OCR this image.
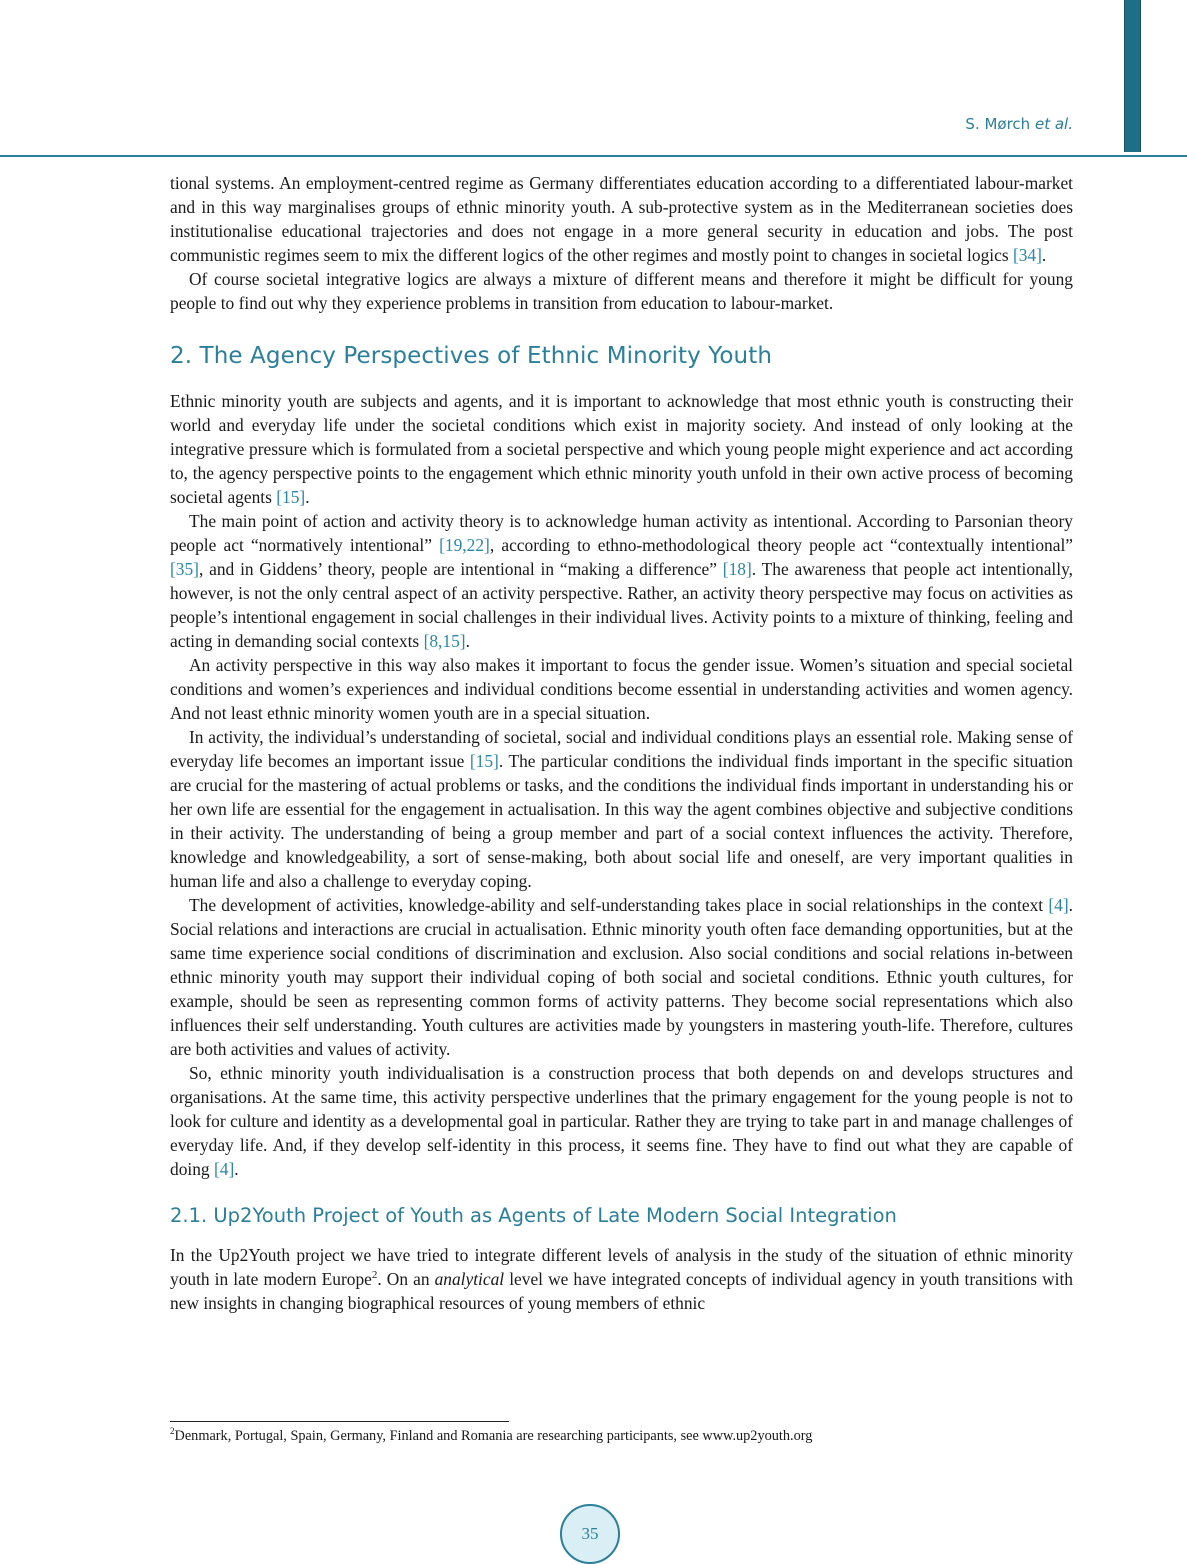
S. Mørch et al.

tional systems. An employment-centred regime as Germany differentiates education according to a differentiated labour-market and in this way marginalises groups of ethnic minority youth. A sub-protective system as in the Mediterranean societies does institutionalise educational trajectories and does not engage in a more general security in education and jobs. The post communistic regimes seem to mix the different logics of the other regimes and mostly point to changes in societal logics [34].

Of course societal integrative logics are always a mixture of different means and therefore it might be difficult for young people to find out why they experience problems in transition from education to labour-market.

2. The Agency Perspectives of Ethnic Minority Youth

Ethnic minority youth are subjects and agents, and it is important to acknowledge that most ethnic youth is constructing their world and everyday life under the societal conditions which exist in majority society. And instead of only looking at the integrative pressure which is formulated from a societal perspective and which young people might experience and act according to, the agency perspective points to the engagement which ethnic minority youth unfold in their own active process of becoming societal agents [15].

The main point of action and activity theory is to acknowledge human activity as intentional. According to Parsonian theory people act “normatively intentional” [19,22], according to ethno-methodological theory people act “contextually intentional” [35], and in Giddens’ theory, people are intentional in “making a difference” [18]. The awareness that people act intentionally, however, is not the only central aspect of an activity perspective. Rather, an activity theory perspective may focus on activities as people’s intentional engagement in social challenges in their individual lives. Activity points to a mixture of thinking, feeling and acting in demanding social contexts [8,15].

An activity perspective in this way also makes it important to focus the gender issue. Women’s situation and special societal conditions and women’s experiences and individual conditions become essential in understanding activities and women agency. And not least ethnic minority women youth are in a special situation.

In activity, the individual’s understanding of societal, social and individual conditions plays an essential role. Making sense of everyday life becomes an important issue [15]. The particular conditions the individual finds important in the specific situation are crucial for the mastering of actual problems or tasks, and the conditions the individual finds important in understanding his or her own life are essential for the engagement in actualisation. In this way the agent combines objective and subjective conditions in their activity. The understanding of being a group member and part of a social context influences the activity. Therefore, knowledge and knowledgeability, a sort of sense-making, both about social life and oneself, are very important qualities in human life and also a challenge to everyday coping.

The development of activities, knowledge-ability and self-understanding takes place in social relationships in the context [4]. Social relations and interactions are crucial in actualisation. Ethnic minority youth often face demanding opportunities, but at the same time experience social conditions of discrimination and exclusion. Also social conditions and social relations in-between ethnic minority youth may support their individual coping of both social and societal conditions. Ethnic youth cultures, for example, should be seen as representing common forms of activity patterns. They become social representations which also influences their self understanding. Youth cultures are activities made by youngsters in mastering youth-life. Therefore, cultures are both activities and values of activity.

So, ethnic minority youth individualisation is a construction process that both depends on and develops structures and organisations. At the same time, this activity perspective underlines that the primary engagement for the young people is not to look for culture and identity as a developmental goal in particular. Rather they are trying to take part in and manage challenges of everyday life. And, if they develop self-identity in this process, it seems fine. They have to find out what they are capable of doing [4].

2.1. Up2Youth Project of Youth as Agents of Late Modern Social Integration

In the Up2Youth project we have tried to integrate different levels of analysis in the study of the situation of ethnic minority youth in late modern Europe$^2$. On an analytical level we have integrated concepts of individual agency in youth transitions with new insights in changing biographical resources of young members of ethnic

$^2$Denmark, Portugal, Spain, Germany, Finland and Romania are researching participants, see www.up2youth.org
35
